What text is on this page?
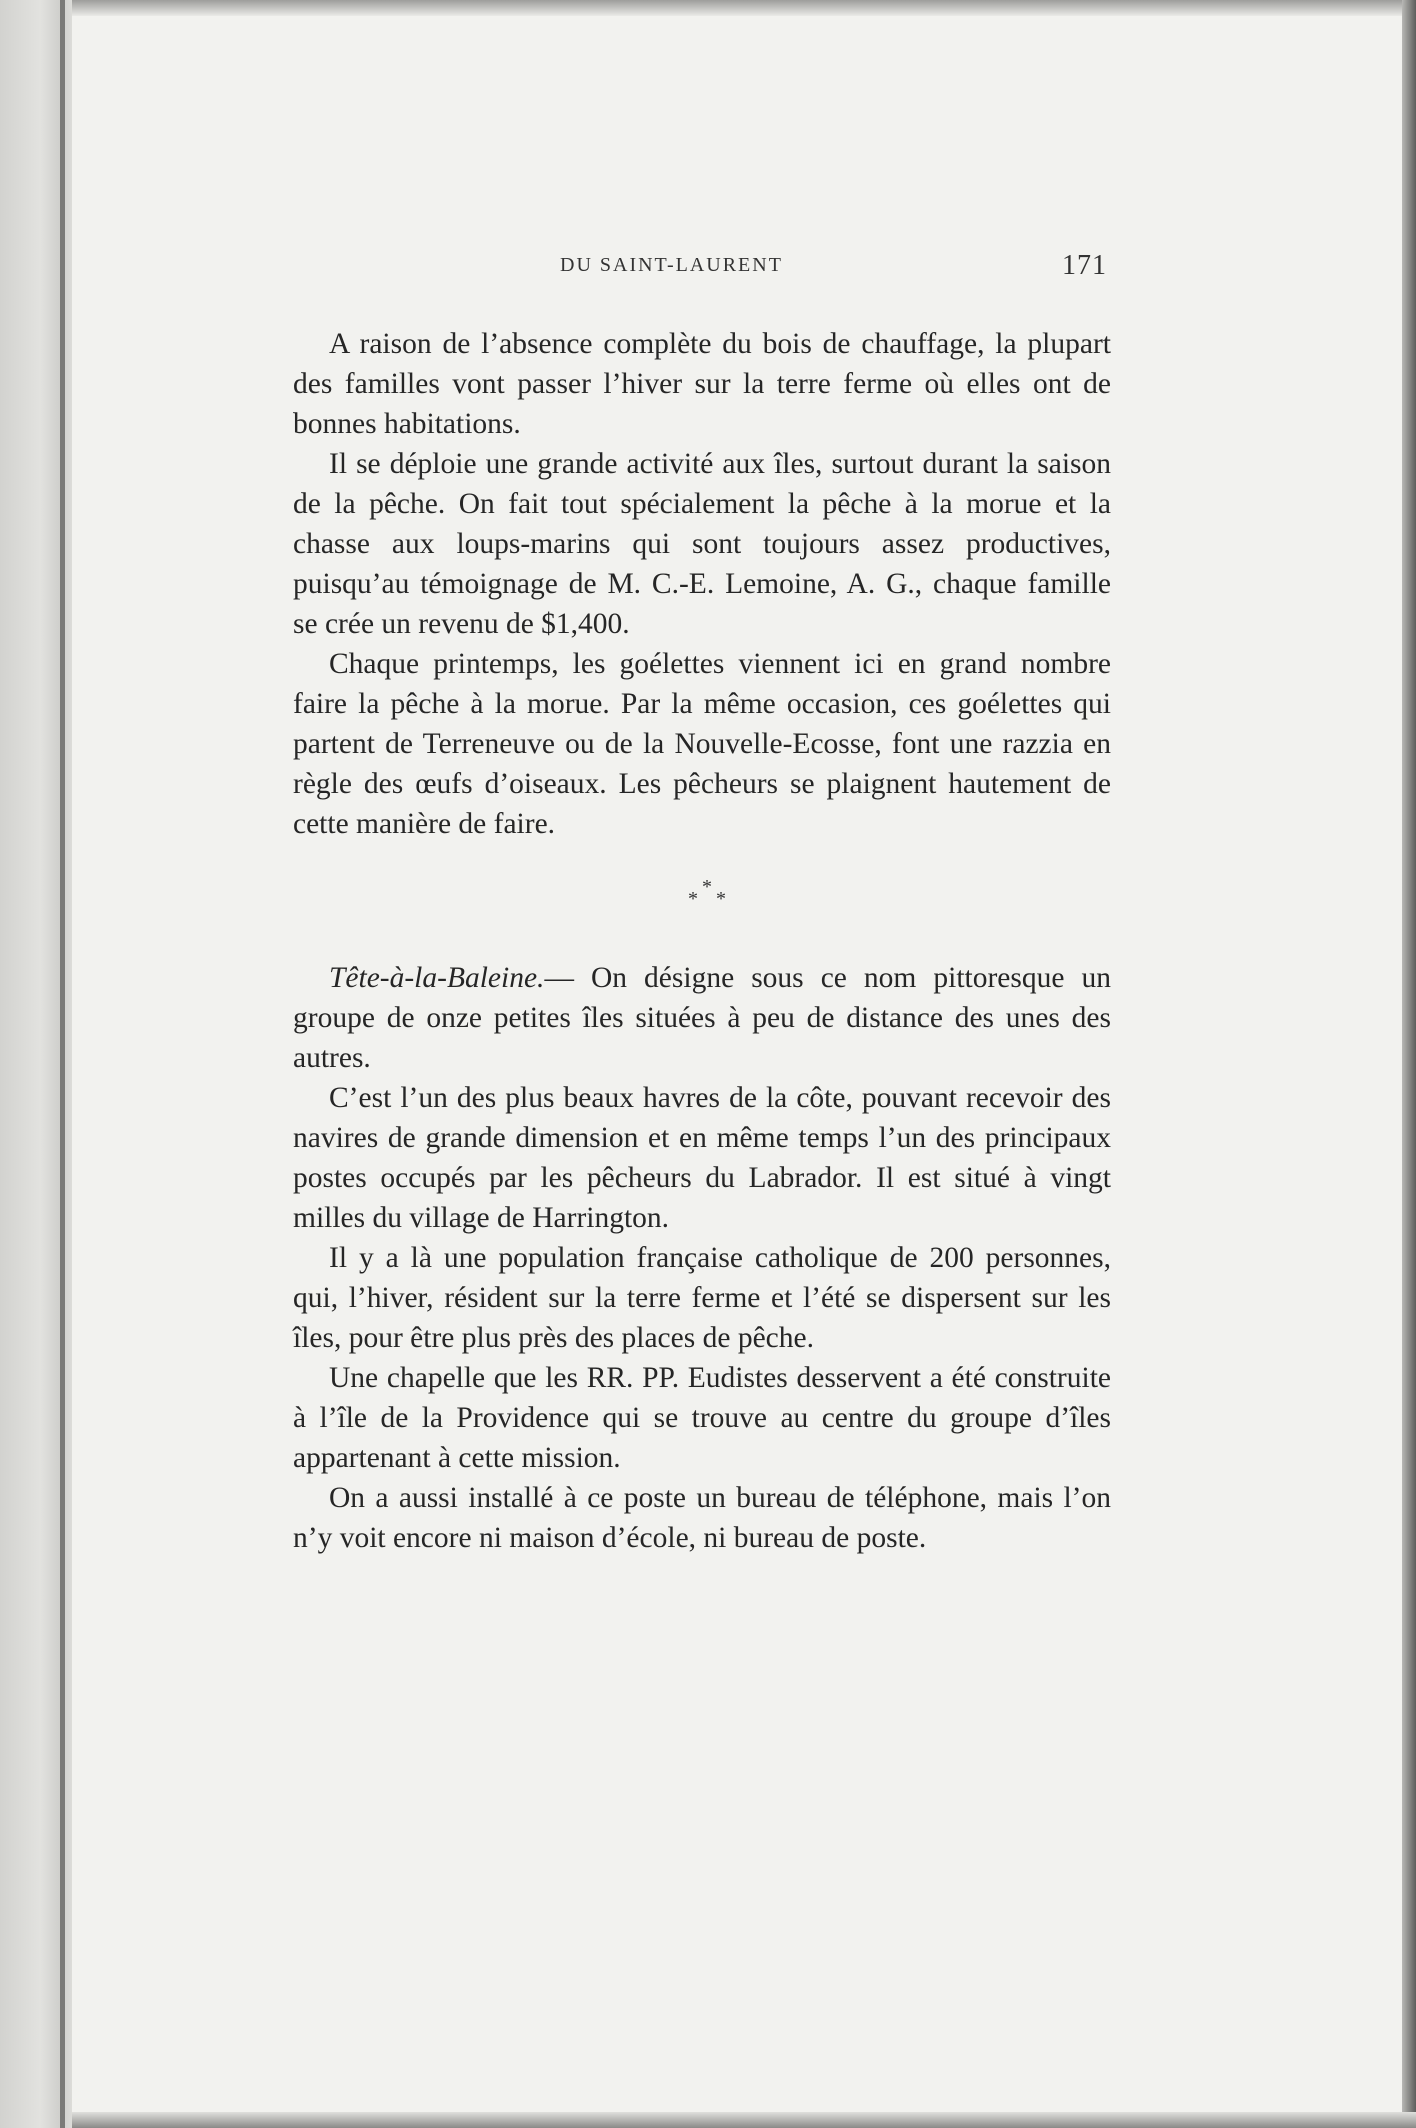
DU SAINT-LAURENT	171

A raison de l’absence complète du bois de chauffage, la plupart des familles vont passer l’hiver sur la terre ferme où elles ont de bonnes habitations.

Il se déploie une grande activité aux îles, surtout durant la saison de la pêche. On fait tout spécialement la pêche à la morue et la chasse aux loups-marins qui sont toujours assez productives, puisqu’au témoignage de M. C.-E. Lemoine, A. G., chaque famille se crée un revenu de $1,400.

Chaque printemps, les goélettes viennent ici en grand nombre faire la pêche à la morue. Par la même occasion, ces goélettes qui partent de Terreneuve ou de la Nouvelle-Ecosse, font une razzia en règle des œufs d’oiseaux. Les pêcheurs se plaignent hautement de cette manière de faire.

*
* *

Tête-à-la-Baleine.— On désigne sous ce nom pittoresque un groupe de onze petites îles situées à peu de distance des unes des autres.

C’est l’un des plus beaux havres de la côte, pouvant recevoir des navires de grande dimension et en même temps l’un des principaux postes occupés par les pêcheurs du Labrador. Il est situé à vingt milles du village de Harrington.

Il y a là une population française catholique de 200 personnes, qui, l’hiver, résident sur la terre ferme et l’été se dispersent sur les îles, pour être plus près des places de pêche.

Une chapelle que les RR. PP. Eudistes desservent a été construite à l’île de la Providence qui se trouve au centre du groupe d’îles appartenant à cette mission.

On a aussi installé à ce poste un bureau de téléphone, mais l’on n’y voit encore ni maison d’école, ni bureau de poste.
